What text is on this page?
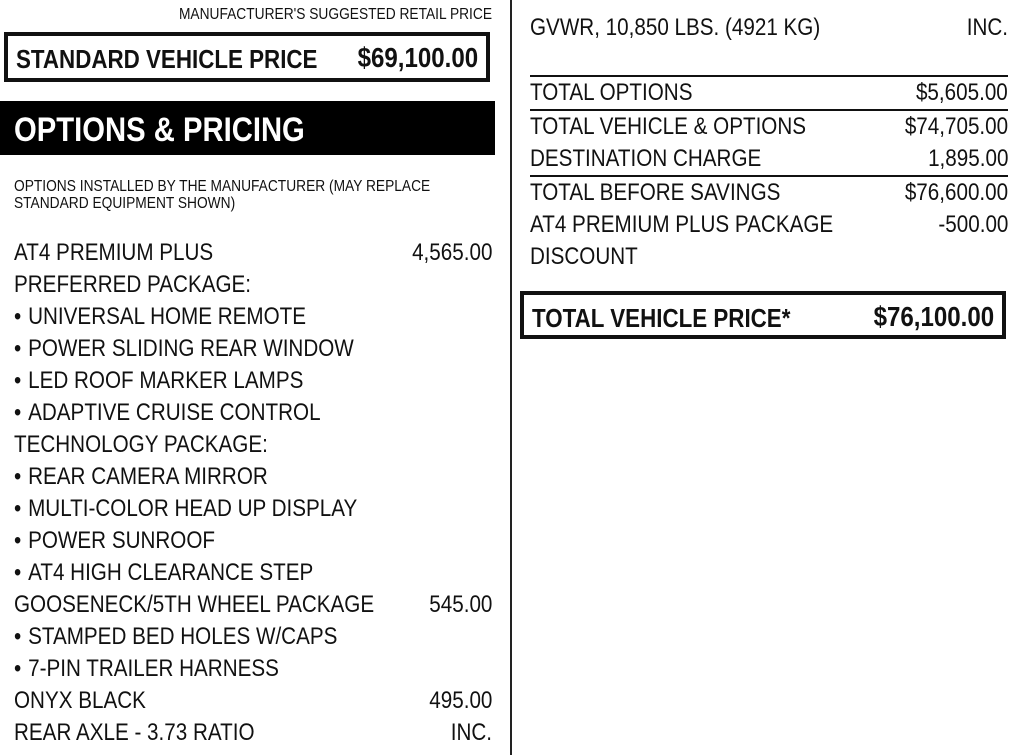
MANUFACTURER'S SUGGESTED RETAIL PRICE
STANDARD VEHICLE PRICE	$69,100.00
OPTIONS & PRICING
OPTIONS INSTALLED BY THE MANUFACTURER (MAY REPLACE STANDARD EQUIPMENT SHOWN)
AT4 PREMIUM PLUS	4,565.00
PREFERRED PACKAGE:
• UNIVERSAL HOME REMOTE
• POWER SLIDING REAR WINDOW
• LED ROOF MARKER LAMPS
• ADAPTIVE CRUISE CONTROL
TECHNOLOGY PACKAGE:
• REAR CAMERA MIRROR
• MULTI-COLOR HEAD UP DISPLAY
• POWER SUNROOF
• AT4 HIGH CLEARANCE STEP
GOOSENECK/5TH WHEEL PACKAGE	545.00
• STAMPED BED HOLES W/CAPS
• 7-PIN TRAILER HARNESS
ONYX BLACK	495.00
REAR AXLE - 3.73 RATIO	INC.
GVWR, 10,850 LBS. (4921 KG)	INC.
TOTAL OPTIONS	$5,605.00
TOTAL VEHICLE & OPTIONS	$74,705.00
DESTINATION CHARGE	1,895.00
TOTAL BEFORE SAVINGS	$76,600.00
AT4 PREMIUM PLUS PACKAGE	-500.00
DISCOUNT
TOTAL VEHICLE PRICE*	$76,100.00
